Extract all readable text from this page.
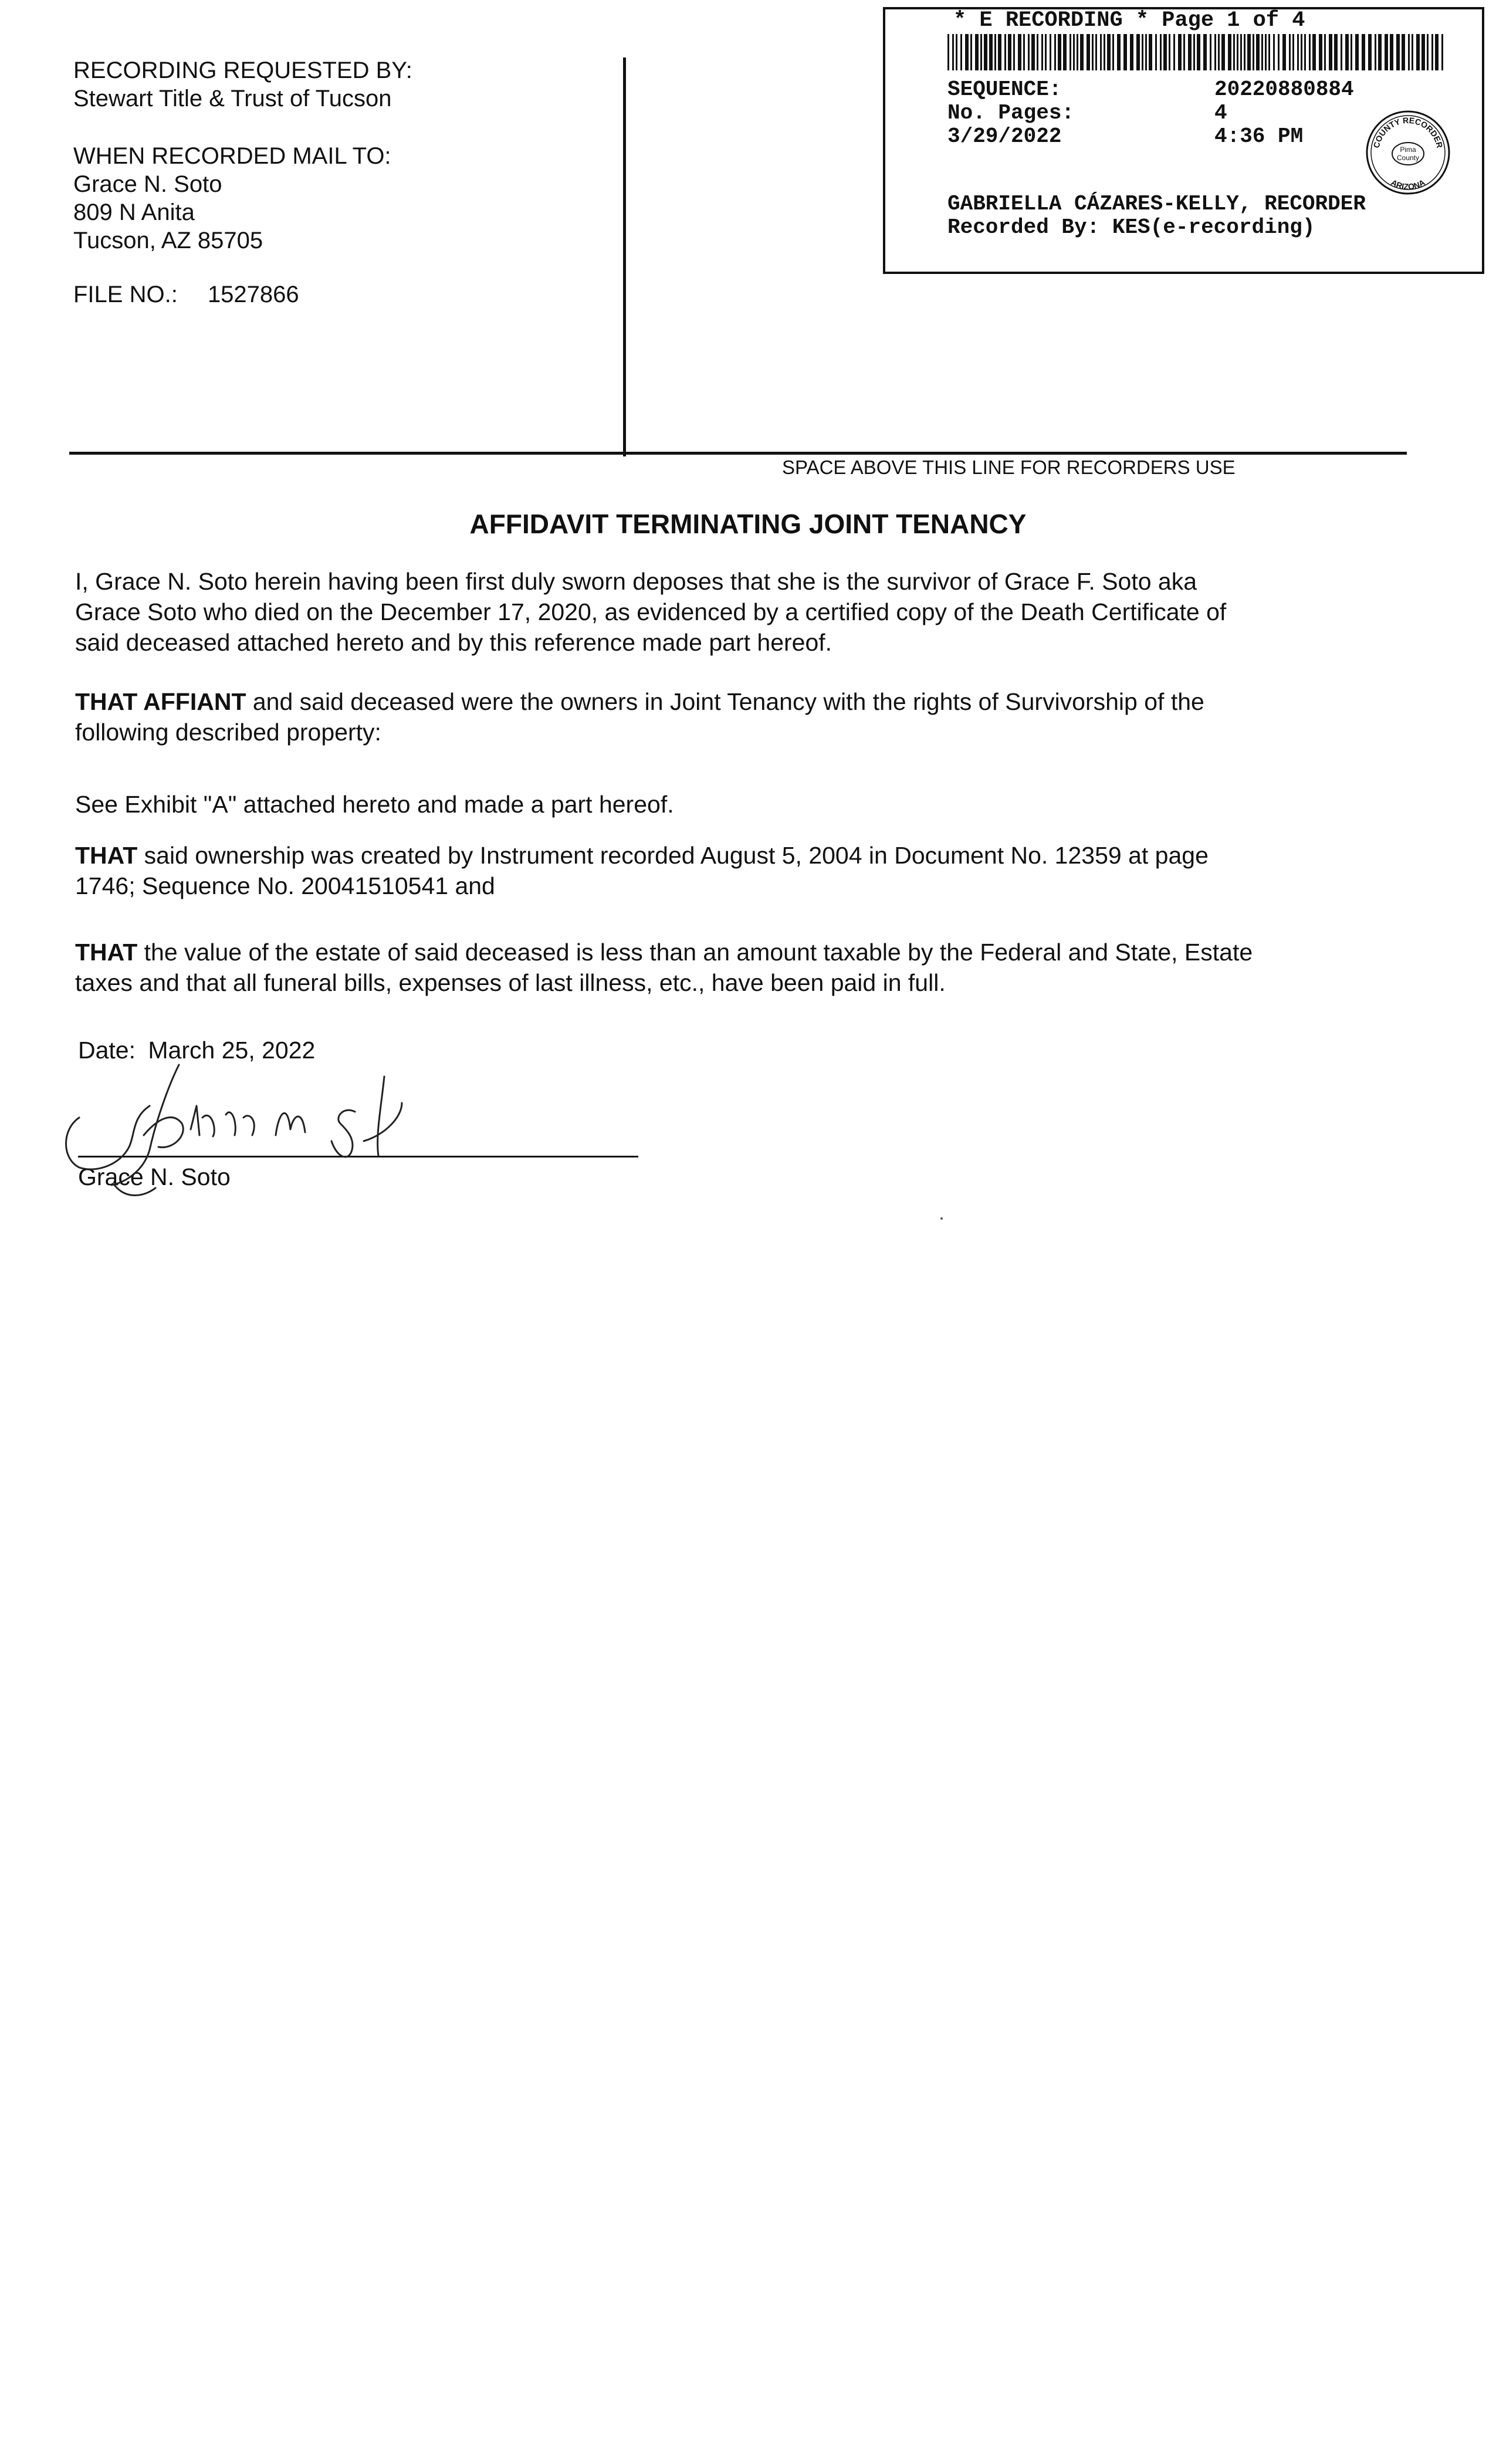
RECORDING REQUESTED BY:
Stewart Title & Trust of Tucson
WHEN RECORDED MAIL TO:
Grace N. Soto
809 N Anita
Tucson, AZ 85705
FILE NO.: 1527866
SPACE ABOVE THIS LINE FOR RECORDERS USE
* E RECORDING * Page 1 of 4
SEQUENCE:	20220880884
No. Pages:	4
3/29/2022	4:36 PM
GABRIELLA CÁZARES-KELLY, RECORDER
Recorded By: KES(e-recording)
COUNTY RECORDER
ARIZONA
Pima
County
AFFIDAVIT TERMINATING JOINT TENANCY
I, Grace N. Soto herein having been first duly sworn deposes that she is the survivor of Grace F. Soto aka
Grace Soto who died on the December 17, 2020, as evidenced by a certified copy of the Death Certificate of
said deceased attached hereto and by this reference made part hereof.
THAT AFFIANT and said deceased were the owners in Joint Tenancy with the rights of Survivorship of the
following described property:
See Exhibit "A" attached hereto and made a part hereof.
THAT said ownership was created by Instrument recorded August 5, 2004 in Document No. 12359 at page
1746; Sequence No. 20041510541 and
THAT the value of the estate of said deceased is less than an amount taxable by the Federal and State, Estate
taxes and that all funeral bills, expenses of last illness, etc., have been paid in full.
Date: March 25, 2022
Grace N. Soto
